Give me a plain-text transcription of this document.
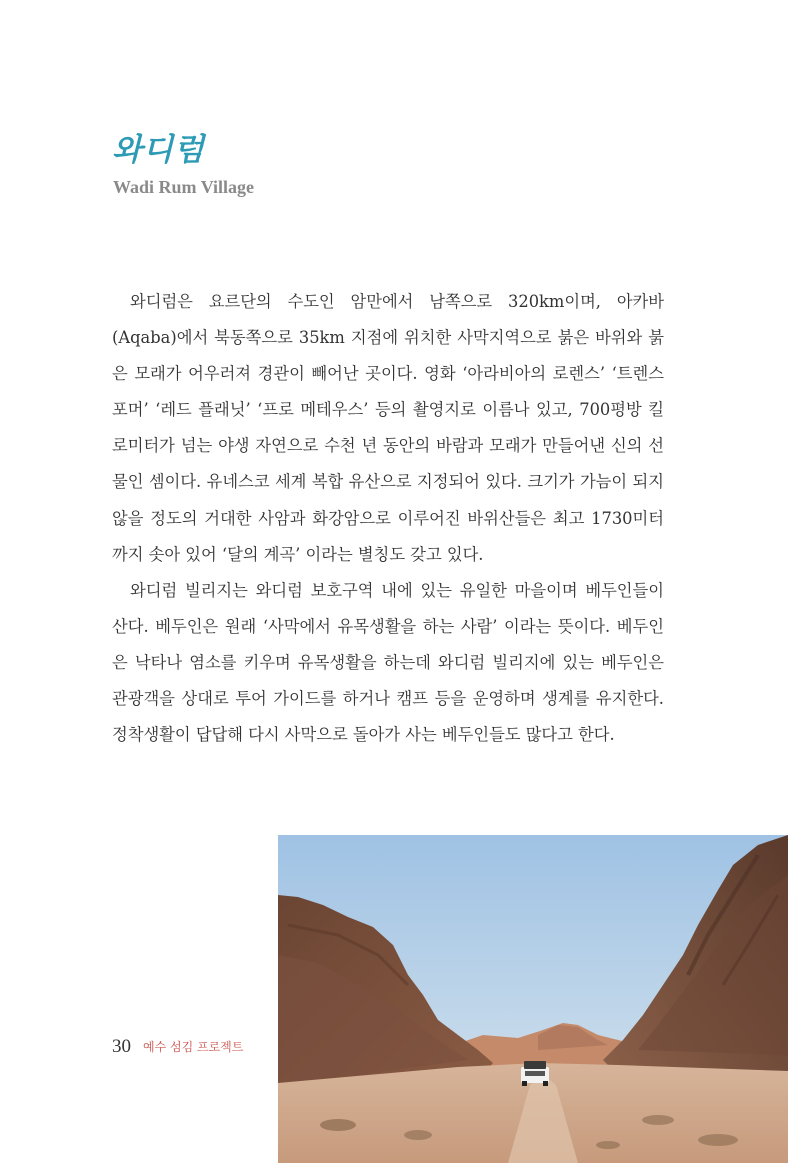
와디럼
Wadi Rum Village

와디럼은 요르단의 수도인 암만에서 남쪽으로 320km이며, 아카바(Aqaba)에서 북동쪽으로 35km 지점에 위치한 사막지역으로 붉은 바위와 붉은 모래가 어우러져 경관이 빼어난 곳이다. 영화 ‘아라비아의 로렌스’ ‘트렌스포머’ ‘레드 플래닛’ ‘프로 메테우스’ 등의 촬영지로 이름나 있고, 700평방 킬로미터가 넘는 야생 자연으로 수천 년 동안의 바람과 모래가 만들어낸 신의 선물인 셈이다. 유네스코 세계 복합 유산으로 지정되어 있다. 크기가 가늠이 되지 않을 정도의 거대한 사암과 화강암으로 이루어진 바위산들은 최고 1730미터까지 솟아 있어 ‘달의 계곡’ 이라는 별칭도 갖고 있다.

와디럼 빌리지는 와디럼 보호구역 내에 있는 유일한 마을이며 베두인들이 산다. 베두인은 원래 ‘사막에서 유목생활을 하는 사람’ 이라는 뜻이다. 베두인은 낙타나 염소를 키우며 유목생활을 하는데 와디럼 빌리지에 있는 베두인은 관광객을 상대로 투어 가이드를 하거나 캠프 등을 운영하며 생계를 유지한다. 정착생활이 답답해 다시 사막으로 돌아가 사는 베두인들도 많다고 한다.

30 예수 섬김 프로젝트
